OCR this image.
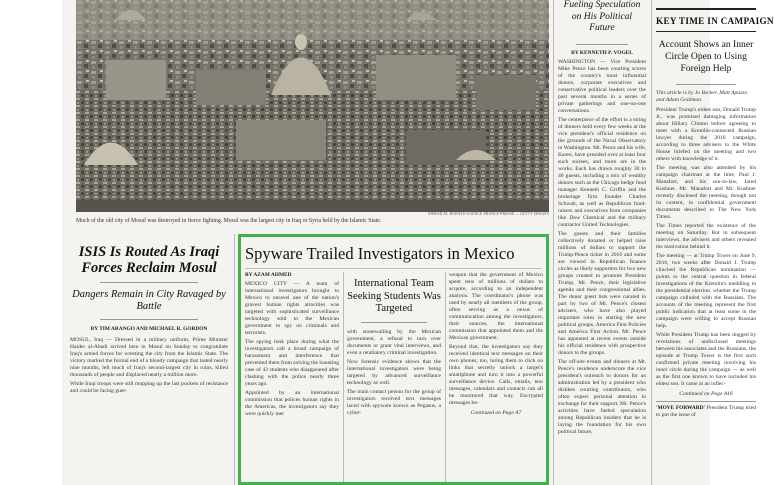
AHMAD AL-RUBAYE/AGENCE FRANCE-PRESSE — GETTY IMAGES
Much of the old city of Mosul was destroyed in fierce fighting. Mosul was the largest city in Iraq or Syria held by the Islamic State.

ISIS Is Routed As Iraqi Forces Reclaim Mosul

Dangers Remain in City Ravaged by Battle

BY TIM ARANGO AND MICHAEL R. GORDON

MOSUL, Iraq — Dressed in a military uniform, Prime Minister Haider al-Abadi arrived here in Mosul on Sunday to congratulate Iraq's armed forces for wresting the city from the Islamic State. The victory marked the formal end of a bloody campaign that lasted nearly nine months, left much of Iraq's second-largest city in ruins, killed thousands of people and displaced nearly a million more.

While Iraqi troops were still mopping up the last pockets of resistance and could be facing guer-

Spyware Trailed Investigators in Mexico

BY AZAM AHMED

MEXICO CITY — A team of international investigators brought to Mexico to unravel one of the nation's gravest human rights atrocities was targeted with sophisticated surveillance technology sold to the Mexican government to spy on criminals and terrorists.

The spying took place during what the investigators call a broad campaign of harassment and interference that prevented them from solving the haunting case of 43 students who disappeared after clashing with the police nearly three years ago.

Appointed by an international commission that polices human rights in the Americas, the investigators say they were quickly met

International Team Seeking Students Was Targeted

with stonewalling by the Mexican government, a refusal to turn over documents or grant vital interviews, and even a retaliatory criminal investigation.

Now forensic evidence shows that the international investigators were being targeted by advanced surveillance technology as well.

The main contact person for the group of investigators received text messages laced with spyware known as Pegasus, a cyber-

weapon that the government of Mexico spent tens of millions of dollars to acquire, according to an independent analysis. The coordinator's phone was used by nearly all members of the group, often serving as a nexus of communication among the investigators, their sources, the international commission that appointed them and the Mexican government.

Beyond that, the investigators say they received identical text messages on their own phones, too, luring them to click on links that secretly unlock a target's smartphone and turn it into a powerful surveillance device. Calls, emails, text messages, calendars and contacts can all be monitored that way. Encrypted messages be-

Continued on Page A7

Fueling Speculation on His Political Future

BY KENNETH P. VOGEL

WASHINGTON — Vice President Mike Pence has been courting scores of the country's most influential donors, corporate executives and conservative political leaders over the past several months in a series of private gatherings and one-on-one conversations.

The centerpiece of the effort is a string of dinners held every few weeks at the vice president's official residence on the grounds of the Naval Observatory in Washington. Mr. Pence and his wife, Karen, have presided over at least four such soirees, and more are in the works. Each has drawn roughly 30 to 40 guests, including a mix of wealthy donors such as the Chicago hedge fund manager Kenneth C. Griffin and the brokerage firm founder Charles Schwab, as well as Republican fund-raisers and executives from companies like Dow Chemical and the military contractor United Technologies.

The guests and their families collectively donated or helped raise millions of dollars to support the Trump-Pence ticket in 2016 and some are viewed in Republican finance circles as likely supporters for two new groups created to promote President Trump, Mr. Pence, their legislative agenda and their congressional allies. The donor guest lists were curated in part by two of Mr. Pence's closest advisers, who have also played important roles in starting the new political groups, America First Policies and America First Action. Mr. Pence has appeared at recent events outside his official residence with prospective donors to the groups.

The off-site events and dinners at Mr. Pence's residence underscore the vice president's outreach to donors for an administration led by a president who dislikes courting contributors, who often expect personal attention in exchange for their support. Mr. Pence's activities have fueled speculation among Republican insiders that he is laying the foundation for his own political future,

KEY TIME IN CAMPAIGN

Account Shows an Inner Circle Open to Using Foreign Help

This article is by Jo Becker, Matt Apuzzo and Adam Goldman.

President Trump's eldest son, Donald Trump Jr., was promised damaging information about Hillary Clinton before agreeing to meet with a Kremlin-connected Russian lawyer during the 2016 campaign, according to three advisers to the White House briefed on the meeting and two others with knowledge of it.

The meeting was also attended by his campaign chairman at the time, Paul J. Manafort, and his son-in-law, Jared Kushner. Mr. Manafort and Mr. Kushner recently disclosed the meeting, though not its content, in confidential government documents described to The New York Times.

The Times reported the existence of the meeting on Saturday. But in subsequent interviews, the advisers and others revealed the motivation behind it.

The meeting — at Trump Tower on June 9, 2016, two weeks after Donald J. Trump clinched the Republican nomination — points to the central question in federal investigations of the Kremlin's meddling in the presidential election: whether the Trump campaign colluded with the Russians. The accounts of the meeting represent the first public indication that at least some in the campaign were willing to accept Russian help.

While President Trump has been dogged by revelations of undisclosed meetings between his associates and the Russians, the episode at Trump Tower is the first such confirmed private meeting involving his inner circle during the campaign — as well as the first one known to have included his eldest son. It came at an inflec-

Continued on Page A16

'MOVE FORWARD' President Trump tried to put the issue of
